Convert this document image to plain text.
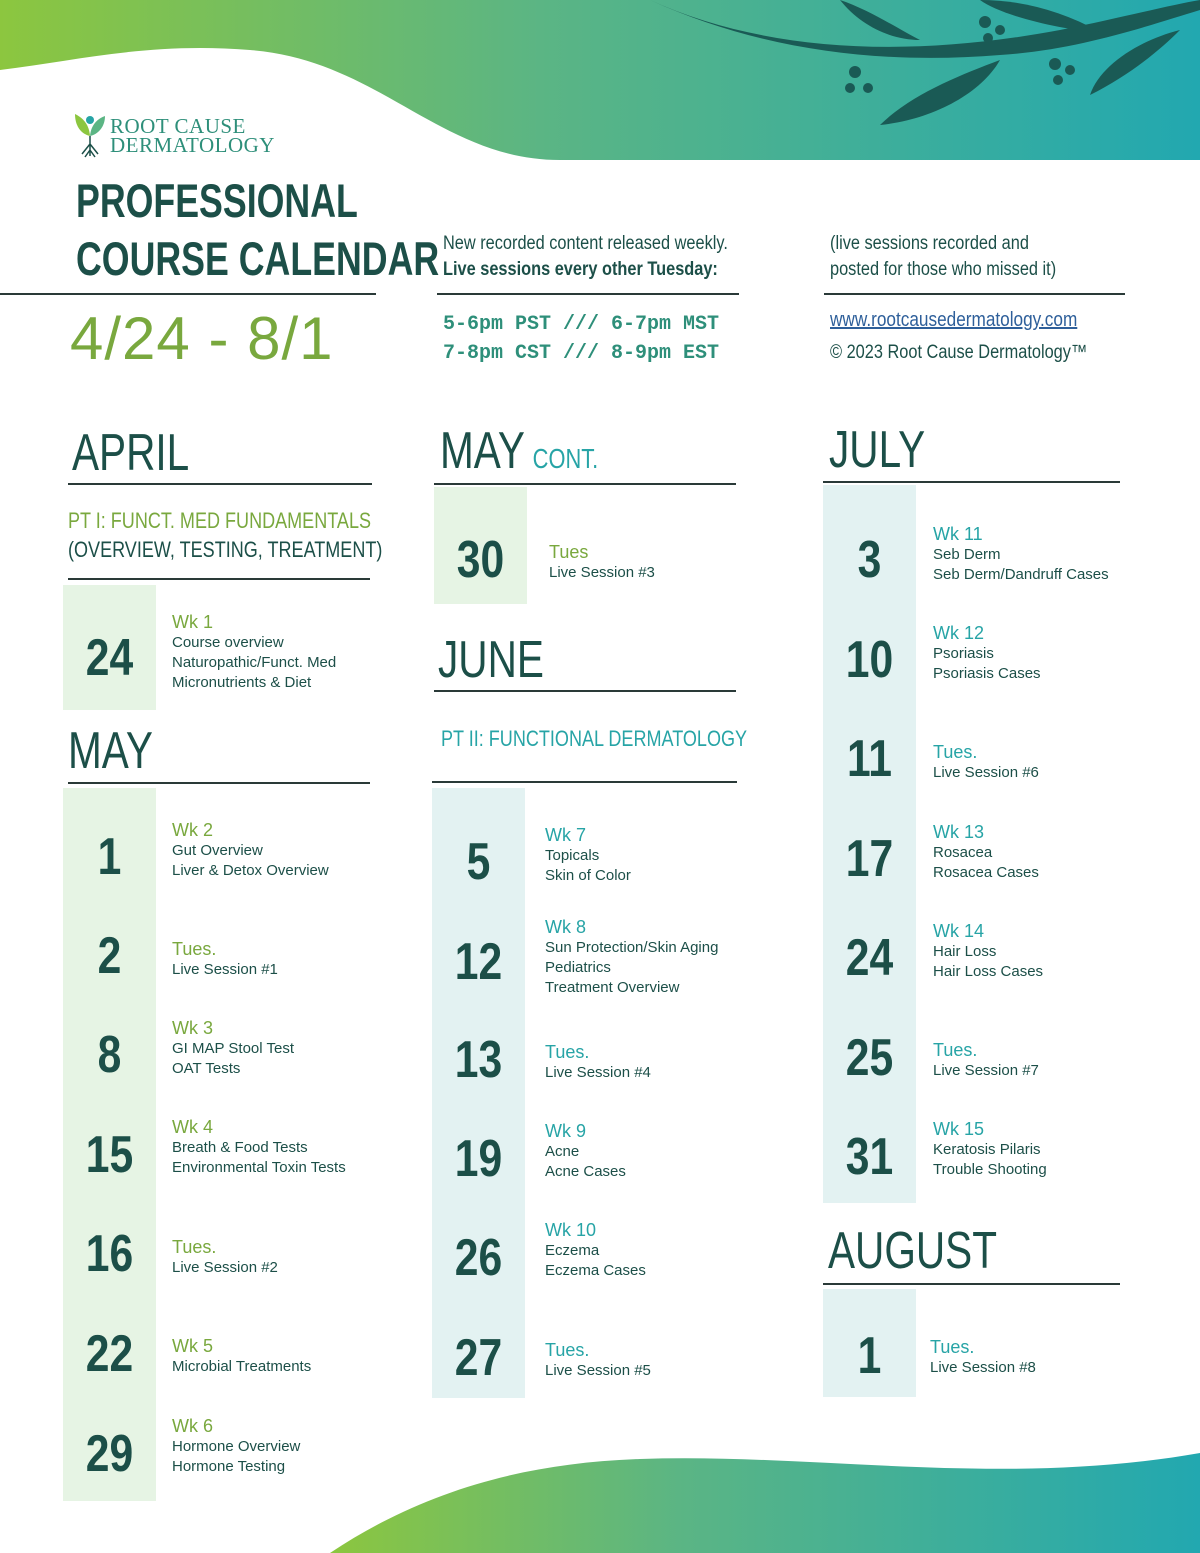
ROOT CAUSE
DERMATOLOGY
PROFESSIONAL
COURSE CALENDAR
4/24 - 8/1
New recorded content released weekly.
Live sessions every other Tuesday:
5-6pm PST /// 6-7pm MST
7-8pm CST /// 8-9pm EST
(live sessions recorded and
posted for those who missed it)
www.rootcausedermatology.com
© 2023 Root Cause Dermatology™
APRIL
PT I: FUNCT. MED FUNDAMENTALS
(OVERVIEW, TESTING, TREATMENT)
24
Wk 1
Course overview
Naturopathic/Funct. Med
Micronutrients & Diet
MAY
1	Wk 2
Gut Overview
Liver & Detox Overview
2	Tues.
Live Session #1
8	Wk 3
GI MAP Stool Test
OAT Tests
15	Wk 4
Breath & Food Tests
Environmental Toxin Tests
16	Tues.
Live Session #2
22	Wk 5
Microbial Treatments
29	Wk 6
Hormone Overview
Hormone Testing
MAY CONT.
30	Tues
Live Session #3
JUNE
PT II: FUNCTIONAL DERMATOLOGY
5	Wk 7
Topicals
Skin of Color
12
Wk 8
Sun Protection/Skin Aging
Pediatrics
Treatment Overview
13	Tues.
Live Session #4
19	Wk 9
Acne
Acne Cases
26	Wk 10
Eczema
Eczema Cases
27	Tues.
Live Session #5
JULY
3	Wk 11
Seb Derm
Seb Derm/Dandruff Cases
10	Wk 12
Psoriasis
Psoriasis Cases
11	Tues.
Live Session #6
17	Wk 13
Rosacea
Rosacea Cases
24	Wk 14
Hair Loss
Hair Loss Cases
25	Tues.
Live Session #7
31	Wk 15
Keratosis Pilaris
Trouble Shooting
AUGUST
1	Tues.
Live Session #8
